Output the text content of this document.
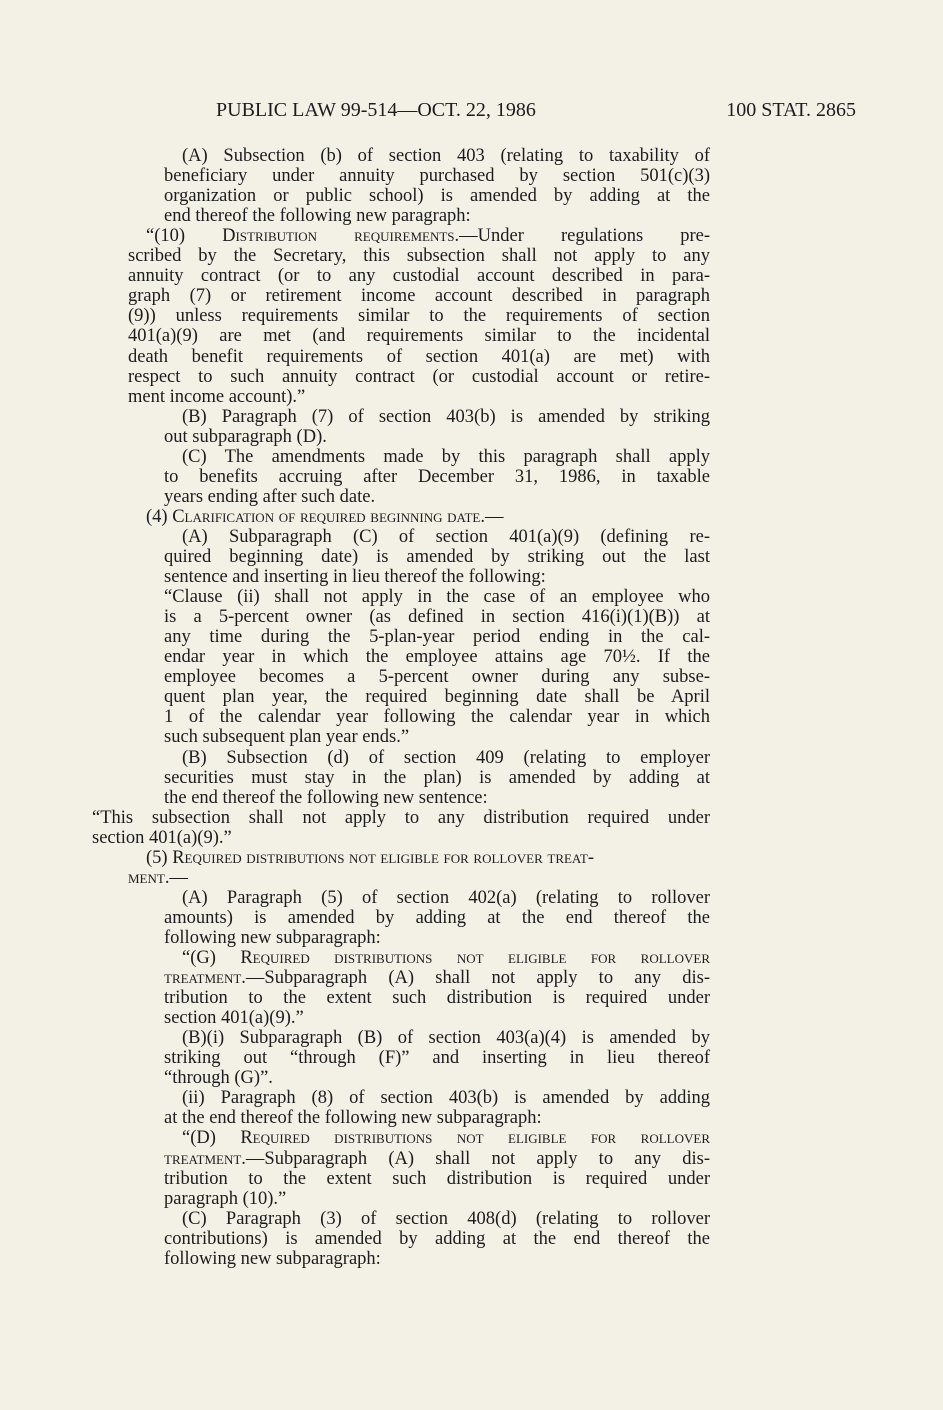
PUBLIC LAW 99-514—OCT. 22, 1986	100 STAT. 2865
(A) Subsection (b) of section 403 (relating to taxability of
beneficiary under annuity purchased by section 501(c)(3)
organization or public school) is amended by adding at the
end thereof the following new paragraph:
“(10) Distribution requirements.—Under regulations pre-
scribed by the Secretary, this subsection shall not apply to any
annuity contract (or to any custodial account described in para-
graph (7) or retirement income account described in paragraph
(9)) unless requirements similar to the requirements of section
401(a)(9) are met (and requirements similar to the incidental
death benefit requirements of section 401(a) are met) with
respect to such annuity contract (or custodial account or retire-
ment income account).”
(B) Paragraph (7) of section 403(b) is amended by striking
out subparagraph (D).
(C) The amendments made by this paragraph shall apply
to benefits accruing after December 31, 1986, in taxable
years ending after such date.
(4) Clarification of required beginning date.—
(A) Subparagraph (C) of section 401(a)(9) (defining re-
quired beginning date) is amended by striking out the last
sentence and inserting in lieu thereof the following:
“Clause (ii) shall not apply in the case of an employee who
is a 5-percent owner (as defined in section 416(i)(1)(B)) at
any time during the 5-plan-year period ending in the cal-
endar year in which the employee attains age 70½. If the
employee becomes a 5-percent owner during any subse-
quent plan year, the required beginning date shall be April
1 of the calendar year following the calendar year in which
such subsequent plan year ends.”
(B) Subsection (d) of section 409 (relating to employer
securities must stay in the plan) is amended by adding at
the end thereof the following new sentence:
“This subsection shall not apply to any distribution required under
section 401(a)(9).”
(5) Required distributions not eligible for rollover treat-
ment.—
(A) Paragraph (5) of section 402(a) (relating to rollover
amounts) is amended by adding at the end thereof the
following new subparagraph:
“(G) Required distributions not eligible for rollover
treatment.—Subparagraph (A) shall not apply to any dis-
tribution to the extent such distribution is required under
section 401(a)(9).”
(B)(i) Subparagraph (B) of section 403(a)(4) is amended by
striking out “through (F)” and inserting in lieu thereof
“through (G)”.
(ii) Paragraph (8) of section 403(b) is amended by adding
at the end thereof the following new subparagraph:
“(D) Required distributions not eligible for rollover
treatment.—Subparagraph (A) shall not apply to any dis-
tribution to the extent such distribution is required under
paragraph (10).”
(C) Paragraph (3) of section 408(d) (relating to rollover
contributions) is amended by adding at the end thereof the
following new subparagraph:
